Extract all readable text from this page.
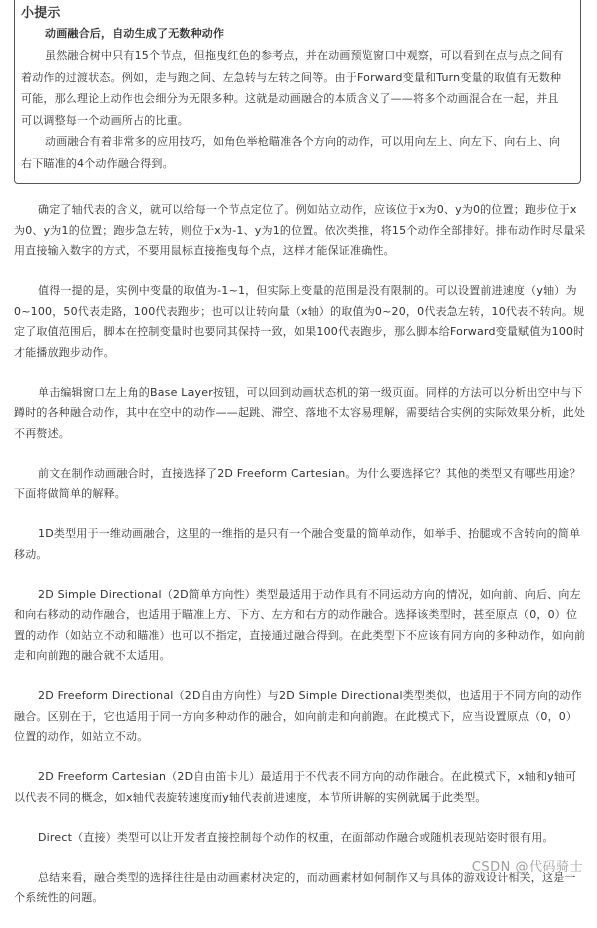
小提示
动画融合后，自动生成了无数种动作

虽然融合树中只有15个节点，但拖曳红色的参考点，并在动画预览窗口中观察，可以看到在点与点之间有着动作的过渡状态。例如，走与跑之间、左急转与左转之间等。由于Forward变量和Turn变量的取值有无数种可能，那么理论上动作也会细分为无限多种。这就是动画融合的本质含义了——将多个动画混合在一起，并且可以调整每一个动画所占的比重。

动画融合有着非常多的应用技巧，如角色举枪瞄准各个方向的动作，可以用向左上、向左下、向右上、向右下瞄准的4个动作融合得到。

确定了轴代表的含义，就可以给每一个节点定位了。例如站立动作，应该位于x为0、y为0的位置；跑步位于x为0、y为1的位置；跑步急左转，则位于x为-1、y为1的位置。依次类推，将15个动作全部排好。排布动作时尽量采用直接输入数字的方式，不要用鼠标直接拖曳每个点，这样才能保证准确性。

值得一提的是，实例中变量的取值为-1~1，但实际上变量的范围是没有限制的。可以设置前进速度（y轴）为0~100，50代表走路，100代表跑步；也可以让转向量（x轴）的取值为0~20，0代表急左转，10代表不转向。规定了取值范围后，脚本在控制变量时也要同其保持一致，如果100代表跑步，那么脚本给Forward变量赋值为100时才能播放跑步动作。

单击编辑窗口左上角的Base Layer按钮，可以回到动画状态机的第一级页面。同样的方法可以分析出空中与下蹲时的各种融合动作，其中在空中的动作——起跳、滞空、落地不太容易理解，需要结合实例的实际效果分析，此处不再赘述。

前文在制作动画融合时，直接选择了2D Freeform Cartesian。为什么要选择它？其他的类型又有哪些用途？下面将做简单的解释。

1D类型用于一维动画融合，这里的一维指的是只有一个融合变量的简单动作，如举手、抬腿或不含转向的简单移动。

2D Simple Directional（2D简单方向性）类型最适用于动作具有不同运动方向的情况，如向前、向后、向左和向右移动的动作融合，也适用于瞄准上方、下方、左方和右方的动作融合。选择该类型时，甚至原点（0，0）位置的动作（如站立不动和瞄准）也可以不指定，直接通过融合得到。在此类型下不应该有同方向的多种动作，如向前走和向前跑的融合就不太适用。

2D Freeform Directional（2D自由方向性）与2D Simple Directional类型类似，也适用于不同方向的动作融合。区别在于，它也适用于同一方向多种动作的融合，如向前走和向前跑。在此模式下，应当设置原点（0，0）位置的动作，如站立不动。

2D Freeform Cartesian（2D自由笛卡儿）最适用于不代表不同方向的动作融合。在此模式下，x轴和y轴可以代表不同的概念，如x轴代表旋转速度而y轴代表前进速度，本节所讲解的实例就属于此类型。

Direct（直接）类型可以让开发者直接控制每个动作的权重，在面部动作融合或随机表现站姿时很有用。

总结来看，融合类型的选择往往是由动画素材决定的，而动画素材如何制作又与具体的游戏设计相关，这是一个系统性的问题。

CSDN @代码骑士
